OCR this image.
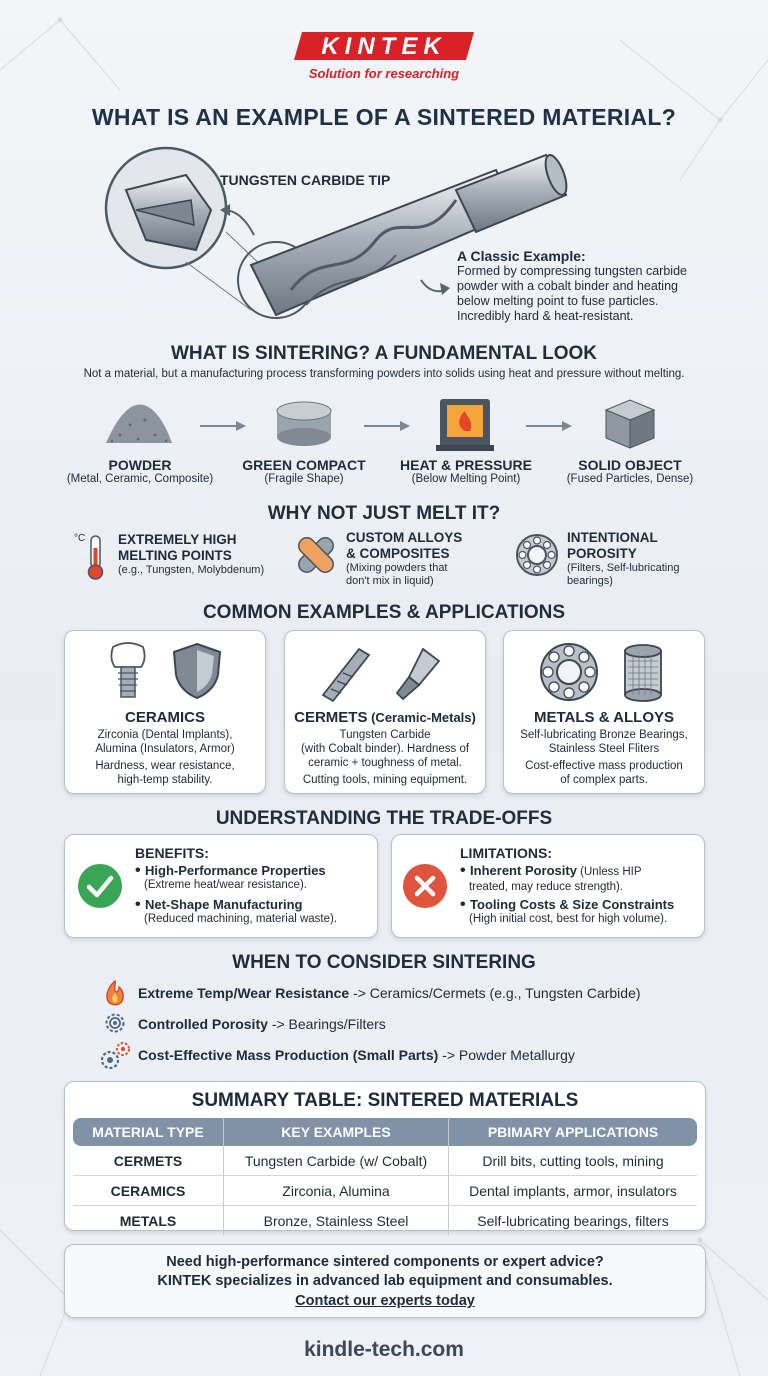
KINTEK
Solution for researching
WHAT IS AN EXAMPLE OF A SINTERED MATERIAL?
TUNGSTEN CARBIDE TIP
A Classic Example:
Formed by compressing tungsten carbide
powder with a cobalt binder and heating
below melting point to fuse particles.
Incredibly hard & heat-resistant.
WHAT IS SINTERING? A FUNDAMENTAL LOOK
Not a material, but a manufacturing process transforming powders into solids using heat and pressure without melting.
POWDER
(Metal, Ceramic, Composite)
GREEN COMPACT
(Fragile Shape)
HEAT & PRESSURE
(Below Melting Point)
SOLID OBJECT
(Fused Particles, Dense)
WHY NOT JUST MELT IT?
°C EXTREMELY HIGH
MELTING POINTS
(e.g., Tungsten, Molybdenum)
CUSTOM ALLOYS
& COMPOSITES
(Mixing powders that
don't mix in liquid)
INTENTIONAL
POROSITY
(Filters, Self-lubricating
bearings)
COMMON EXAMPLES & APPLICATIONS
CERAMICS
Zirconia (Dental Implants),
Alumina (Insulators, Armor)
Hardness, wear resistance,
high-temp stability.
CERMETS (Ceramic-Metals)
Tungsten Carbide
(with Cobalt binder). Hardness of
ceramic + toughness of metal.
Cutting tools, mining equipment.
METALS & ALLOYS
Self-lubricating Bronze Bearings,
Stainless Steel Fliters
Cost-effective mass production
of complex parts.
UNDERSTANDING THE TRADE-OFFS
BENEFITS:
• High-Performance Properties
(Extreme heat/wear resistance).
• Net-Shape Manufacturing
(Reduced machining, material waste).
LIMITATIONS:
• Inherent Porosity (Unless HIP
treated, may reduce strength).
• Tooling Costs & Size Constraints
(High initial cost, best for high volume).
WHEN TO CONSIDER SINTERING
Extreme Temp/Wear Resistance -> Ceramics/Cermets (e.g., Tungsten Carbide)
Controlled Porosity -> Bearings/Filters
Cost-Effective Mass Production (Small Parts) -> Powder Metallurgy
SUMMARY TABLE: SINTERED MATERIALS
MATERIAL TYPE	KEY EXAMPLES	PBIMARY APPLICATIONS
CERMETS	Tungsten Carbide (w/ Cobalt)	Drill bits, cutting tools, mining
CERAMICS	Zirconia, Alumina	Dental implants, armor, insulators
METALS	Bronze, Stainless Steel	Self-lubricating bearings, filters
Need high-performance sintered components or expert advice?
KINTEK specializes in advanced lab equipment and consumables.
Contact our experts today
kindle-tech.com
